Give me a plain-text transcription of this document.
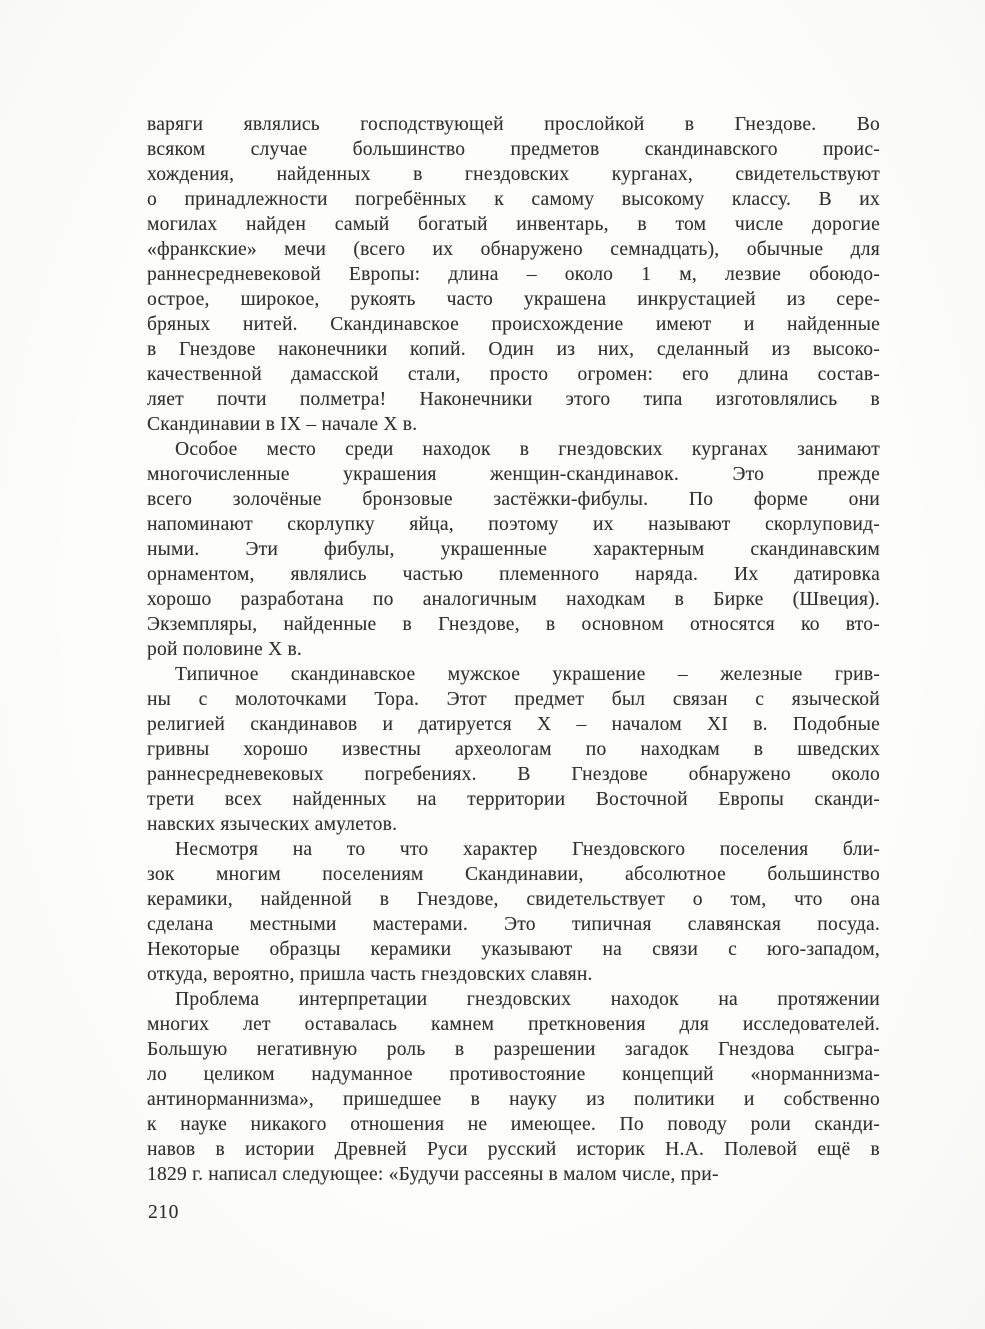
варяги являлись господствующей прослойкой в Гнездове. Во
всяком случае большинство предметов скандинавского проис-
хождения, найденных в гнездовских курганах, свидетельствуют
о принадлежности погребённых к самому высокому классу. В их
могилах найден самый богатый инвентарь, в том числе дорогие
«франкские» мечи (всего их обнаружено семнадцать), обычные для
раннесредневековой Европы: длина – около 1 м, лезвие обоюдо-
острое, широкое, рукоять часто украшена инкрустацией из сере-
бряных нитей. Скандинавское происхождение имеют и найденные
в Гнездове наконечники копий. Один из них, сделанный из высоко-
качественной дамасской стали, просто огромен: его длина состав-
ляет почти полметра! Наконечники этого типа изготовлялись в
Скандинавии в IX – начале X в.
Особое место среди находок в гнездовских курганах занимают
многочисленные украшения женщин-скандинавок. Это прежде
всего золочёные бронзовые застёжки-фибулы. По форме они
напоминают скорлупку яйца, поэтому их называют скорлуповид-
ными. Эти фибулы, украшенные характерным скандинавским
орнаментом, являлись частью племенного наряда. Их датировка
хорошо разработана по аналогичным находкам в Бирке (Швеция).
Экземпляры, найденные в Гнездове, в основном относятся ко вто-
рой половине X в.
Типичное скандинавское мужское украшение – железные грив-
ны с молоточками Тора. Этот предмет был связан с языческой
религией скандинавов и датируется X – началом XI в. Подобные
гривны хорошо известны археологам по находкам в шведских
раннесредневековых погребениях. В Гнездове обнаружено около
трети всех найденных на территории Восточной Европы сканди-
навских языческих амулетов.
Несмотря на то что характер Гнездовского поселения бли-
зок многим поселениям Скандинавии, абсолютное большинство
керамики, найденной в Гнездове, свидетельствует о том, что она
сделана местными мастерами. Это типичная славянская посуда.
Некоторые образцы керамики указывают на связи с юго-западом,
откуда, вероятно, пришла часть гнездовских славян.
Проблема интерпретации гнездовских находок на протяжении
многих лет оставалась камнем преткновения для исследователей.
Большую негативную роль в разрешении загадок Гнездова сыгра-
ло целиком надуманное противостояние концепций «норманнизма-
антинорманнизма», пришедшее в науку из политики и собственно
к науке никакого отношения не имеющее. По поводу роли сканди-
навов в истории Древней Руси русский историк Н.А. Полевой ещё в
1829 г. написал следующее: «Будучи рассеяны в малом числе, при-
210
